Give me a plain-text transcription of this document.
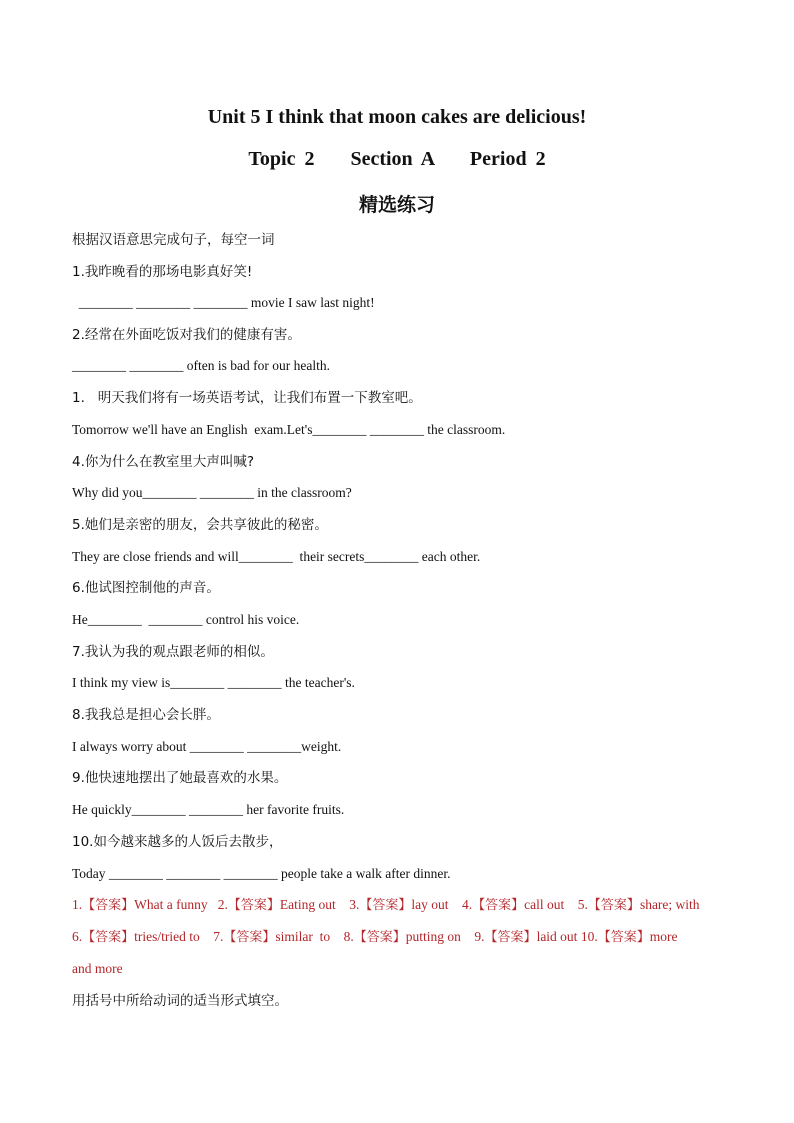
Unit 5 I think that moon cakes are delicious!
Topic 2    Section A    Period 2
精选练习
根据汉语意思完成句子，每空一词
1.我昨晚看的那场电影真好笑!
________ ________ ________ movie I saw last night!
2.经常在外面吃饭对我们的健康有害。
________ ________ often is bad for our health.
1.   明天我们将有一场英语考试，让我们布置一下教室吧。
Tomorrow we'll have an English  exam.Let's________ ________ the classroom.
4.你为什么在教室里大声叫喊?
Why did you________ ________ in the classroom?
5.她们是亲密的朋友，会共享彼此的秘密。
They are close friends and will________  their secrets________ each other.
6.他试图控制他的声音。
He________  ________ control his voice.
7.我认为我的观点跟老师的相似。
I think my view is________ ________ the teacher's.
8.我我总是担心会长胖。
I always worry about ________ ________weight.
9.他快速地摆出了她最喜欢的水果。
He quickly________ ________ her favorite fruits.
10.如今越来越多的人饭后去散步，
Today ________ ________ ________ people take a walk after dinner.
1.【答案】What a funny   2.【答案】Eating out    3.【答案】lay out    4.【答案】call out    5.【答案】share; with
6.【答案】tries/tried to    7.【答案】similar  to    8.【答案】putting on    9.【答案】laid out 10.【答案】more
and more
用括号中所给动词的适当形式填空。
